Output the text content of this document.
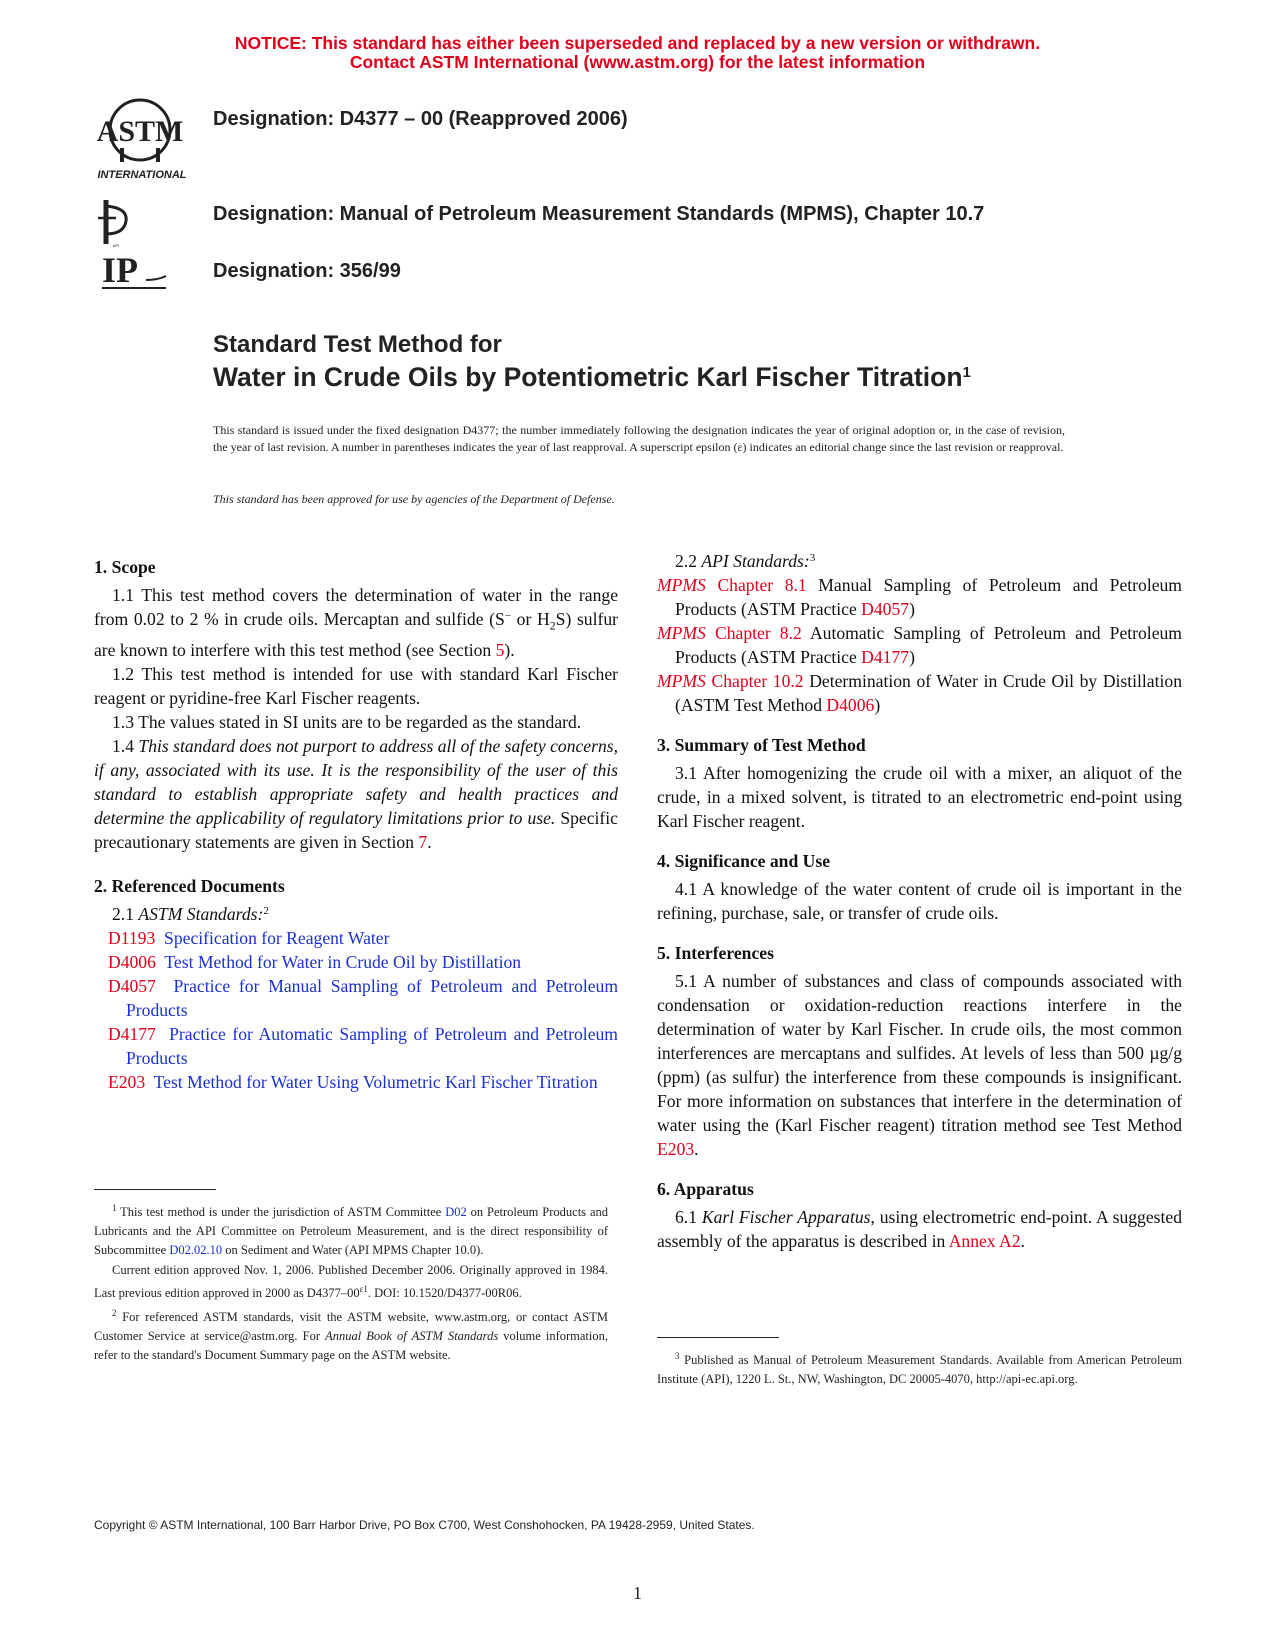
NOTICE: This standard has either been superseded and replaced by a new version or withdrawn.
Contact ASTM International (www.astm.org) for the latest information
ASTM
INTERNATIONAL
API
IP
Designation: D4377 – 00 (Reapproved 2006)
Designation: Manual of Petroleum Measurement Standards (MPMS), Chapter 10.7
Designation: 356/99
Standard Test Method for
Water in Crude Oils by Potentiometric Karl Fischer Titration$^1$
This standard is issued under the fixed designation D4377; the number immediately following the designation indicates the year of original adoption or, in the case of revision, the year of last revision. A number in parentheses indicates the year of last reapproval. A superscript epsilon (ε) indicates an editorial change since the last revision or reapproval.
This standard has been approved for use by agencies of the Department of Defense.
1. Scope

1.1 This test method covers the determination of water in the range from 0.02 to 2 % in crude oils. Mercaptan and sulfide (S− or $H_2S$) sulfur are known to interfere with this test method (see Section 5).

1.2 This test method is intended for use with standard Karl Fischer reagent or pyridine-free Karl Fischer reagents.

1.3 The values stated in SI units are to be regarded as the standard.

1.4 This standard does not purport to address all of the safety concerns, if any, associated with its use. It is the responsibility of the user of this standard to establish appropriate safety and health practices and determine the applicability of regulatory limitations prior to use. Specific precautionary statements are given in Section 7.

2. Referenced Documents

2.1 ASTM Standards:$^2$

D1193 Specification for Reagent Water

D4006 Test Method for Water in Crude Oil by Distillation

D4057 Practice for Manual Sampling of Petroleum and Petroleum Products

D4177 Practice for Automatic Sampling of Petroleum and Petroleum Products

E203 Test Method for Water Using Volumetric Karl Fischer Titration

$^1$ This test method is under the jurisdiction of ASTM Committee D02 on Petroleum Products and Lubricants and the API Committee on Petroleum Measurement, and is the direct responsibility of Subcommittee D02.02.10 on Sediment and Water (API MPMS Chapter 10.0).

Current edition approved Nov. 1, 2006. Published December 2006. Originally approved in 1984. Last previous edition approved in 2000 as $D4377-00^{\varepsilon 1}$. DOI: 10.1520/D4377-00R06.

$^2$ For referenced ASTM standards, visit the ASTM website, www.astm.org, or contact ASTM Customer Service at service@astm.org. For Annual Book of ASTM Standards volume information, refer to the standard's Document Summary page on the ASTM website.

2.2 API Standards:$^3$

MPMS Chapter 8.1 Manual Sampling of Petroleum and Petroleum Products (ASTM Practice D4057)

MPMS Chapter 8.2 Automatic Sampling of Petroleum and Petroleum Products (ASTM Practice D4177)

MPMS Chapter 10.2 Determination of Water in Crude Oil by Distillation (ASTM Test Method D4006)

3. Summary of Test Method

3.1 After homogenizing the crude oil with a mixer, an aliquot of the crude, in a mixed solvent, is titrated to an electrometric end-point using Karl Fischer reagent.

4. Significance and Use

4.1 A knowledge of the water content of crude oil is important in the refining, purchase, sale, or transfer of crude oils.

5. Interferences

5.1 A number of substances and class of compounds associated with condensation or oxidation-reduction reactions interfere in the determination of water by Karl Fischer. In crude oils, the most common interferences are mercaptans and sulfides. At levels of less than 500 µg/g (ppm) (as sulfur) the interference from these compounds is insignificant. For more information on substances that interfere in the determination of water using the (Karl Fischer reagent) titration method see Test Method E203.

6. Apparatus

6.1 Karl Fischer Apparatus, using electrometric end-point. A suggested assembly of the apparatus is described in Annex A2.

$^3$ Published as Manual of Petroleum Measurement Standards. Available from American Petroleum Institute (API), 1220 L. St., NW, Washington, DC 20005-4070, http://api-ec.api.org.

Copyright © ASTM International, 100 Barr Harbor Drive, PO Box C700, West Conshohocken, PA 19428-2959, United States.
1
